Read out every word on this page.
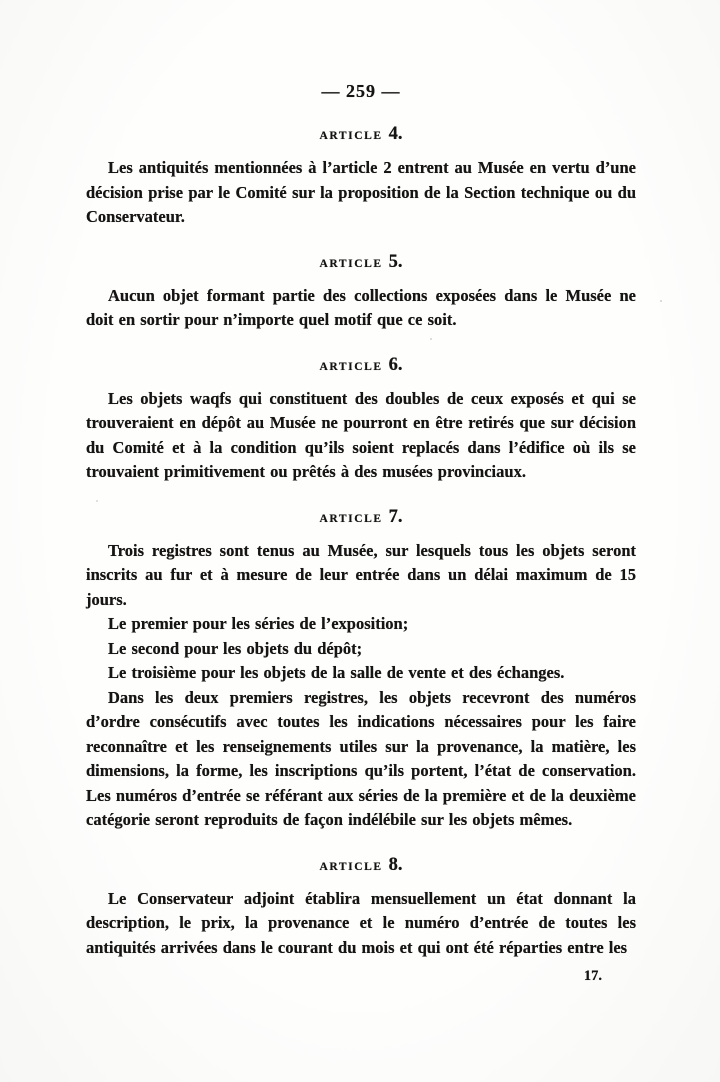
— 259 —
ARTICLE 4.

Les antiquités mentionnées à l’article 2 entrent au Musée en vertu d’une décision prise par le Comité sur la proposition de la Section technique ou du Conservateur.

ARTICLE 5.

Aucun objet formant partie des collections exposées dans le Musée ne doit en sortir pour n’importe quel motif que ce soit.

ARTICLE 6.

Les objets waqfs qui constituent des doubles de ceux exposés et qui se trouveraient en dépôt au Musée ne pourront en être retirés que sur décision du Comité et à la condition qu’ils soient replacés dans l’édifice où ils se trouvaient primitivement ou prêtés à des musées provinciaux.

ARTICLE 7.

Trois registres sont tenus au Musée, sur lesquels tous les objets seront inscrits au fur et à mesure de leur entrée dans un délai maximum de 15 jours.

Le premier pour les séries de l’exposition;

Le second pour les objets du dépôt;

Le troisième pour les objets de la salle de vente et des échanges.

Dans les deux premiers registres, les objets recevront des numéros d’ordre consécutifs avec toutes les indications nécessaires pour les faire reconnaître et les renseignements utiles sur la provenance, la matière, les dimensions, la forme, les inscriptions qu’ils portent, l’état de conservation. Les numéros d’entrée se référant aux séries de la première et de la deuxième catégorie seront reproduits de façon indélébile sur les objets mêmes.

ARTICLE 8.

Le Conservateur adjoint établira mensuellement un état donnant la description, le prix, la provenance et le numéro d’entrée de toutes les antiquités arrivées dans le courant du mois et qui ont été réparties entre les

17.
